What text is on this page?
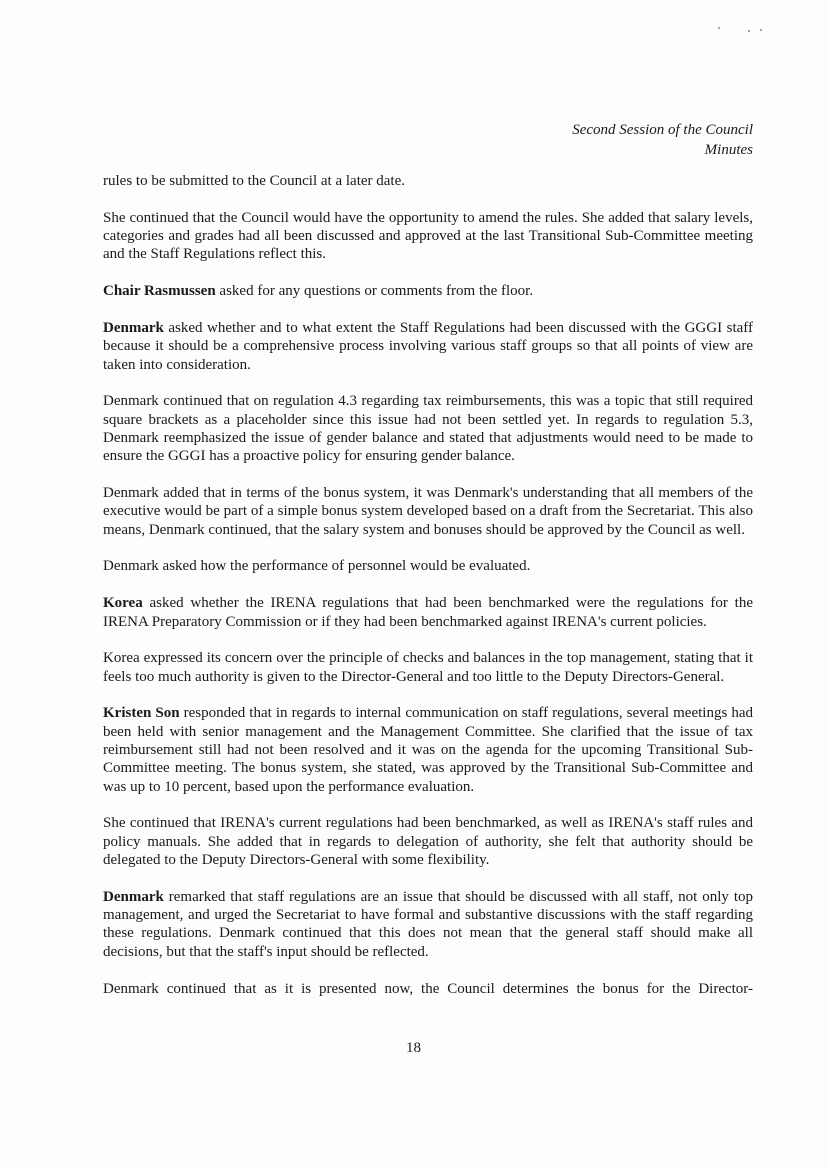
Second Session of the Council
Minutes

rules to be submitted to the Council at a later date.

She continued that the Council would have the opportunity to amend the rules. She added that salary levels, categories and grades had all been discussed and approved at the last Transitional Sub-Committee meeting and the Staff Regulations reflect this.

Chair Rasmussen asked for any questions or comments from the floor.

Denmark asked whether and to what extent the Staff Regulations had been discussed with the GGGI staff because it should be a comprehensive process involving various staff groups so that all points of view are taken into consideration.

Denmark continued that on regulation 4.3 regarding tax reimbursements, this was a topic that still required square brackets as a placeholder since this issue had not been settled yet. In regards to regulation 5.3, Denmark reemphasized the issue of gender balance and stated that adjustments would need to be made to ensure the GGGI has a proactive policy for ensuring gender balance.

Denmark added that in terms of the bonus system, it was Denmark's understanding that all members of the executive would be part of a simple bonus system developed based on a draft from the Secretariat. This also means, Denmark continued, that the salary system and bonuses should be approved by the Council as well.

Denmark asked how the performance of personnel would be evaluated.

Korea asked whether the IRENA regulations that had been benchmarked were the regulations for the IRENA Preparatory Commission or if they had been benchmarked against IRENA's current policies.

Korea expressed its concern over the principle of checks and balances in the top management, stating that it feels too much authority is given to the Director-General and too little to the Deputy Directors-General.

Kristen Son responded that in regards to internal communication on staff regulations, several meetings had been held with senior management and the Management Committee. She clarified that the issue of tax reimbursement still had not been resolved and it was on the agenda for the upcoming Transitional Sub-Committee meeting. The bonus system, she stated, was approved by the Transitional Sub-Committee and was up to 10 percent, based upon the performance evaluation.

She continued that IRENA's current regulations had been benchmarked, as well as IRENA's staff rules and policy manuals. She added that in regards to delegation of authority, she felt that authority should be delegated to the Deputy Directors-General with some flexibility.

Denmark remarked that staff regulations are an issue that should be discussed with all staff, not only top management, and urged the Secretariat to have formal and substantive discussions with the staff regarding these regulations. Denmark continued that this does not mean that the general staff should make all decisions, but that the staff's input should be reflected.

Denmark continued that as it is presented now, the Council determines the bonus for the Director-

18
